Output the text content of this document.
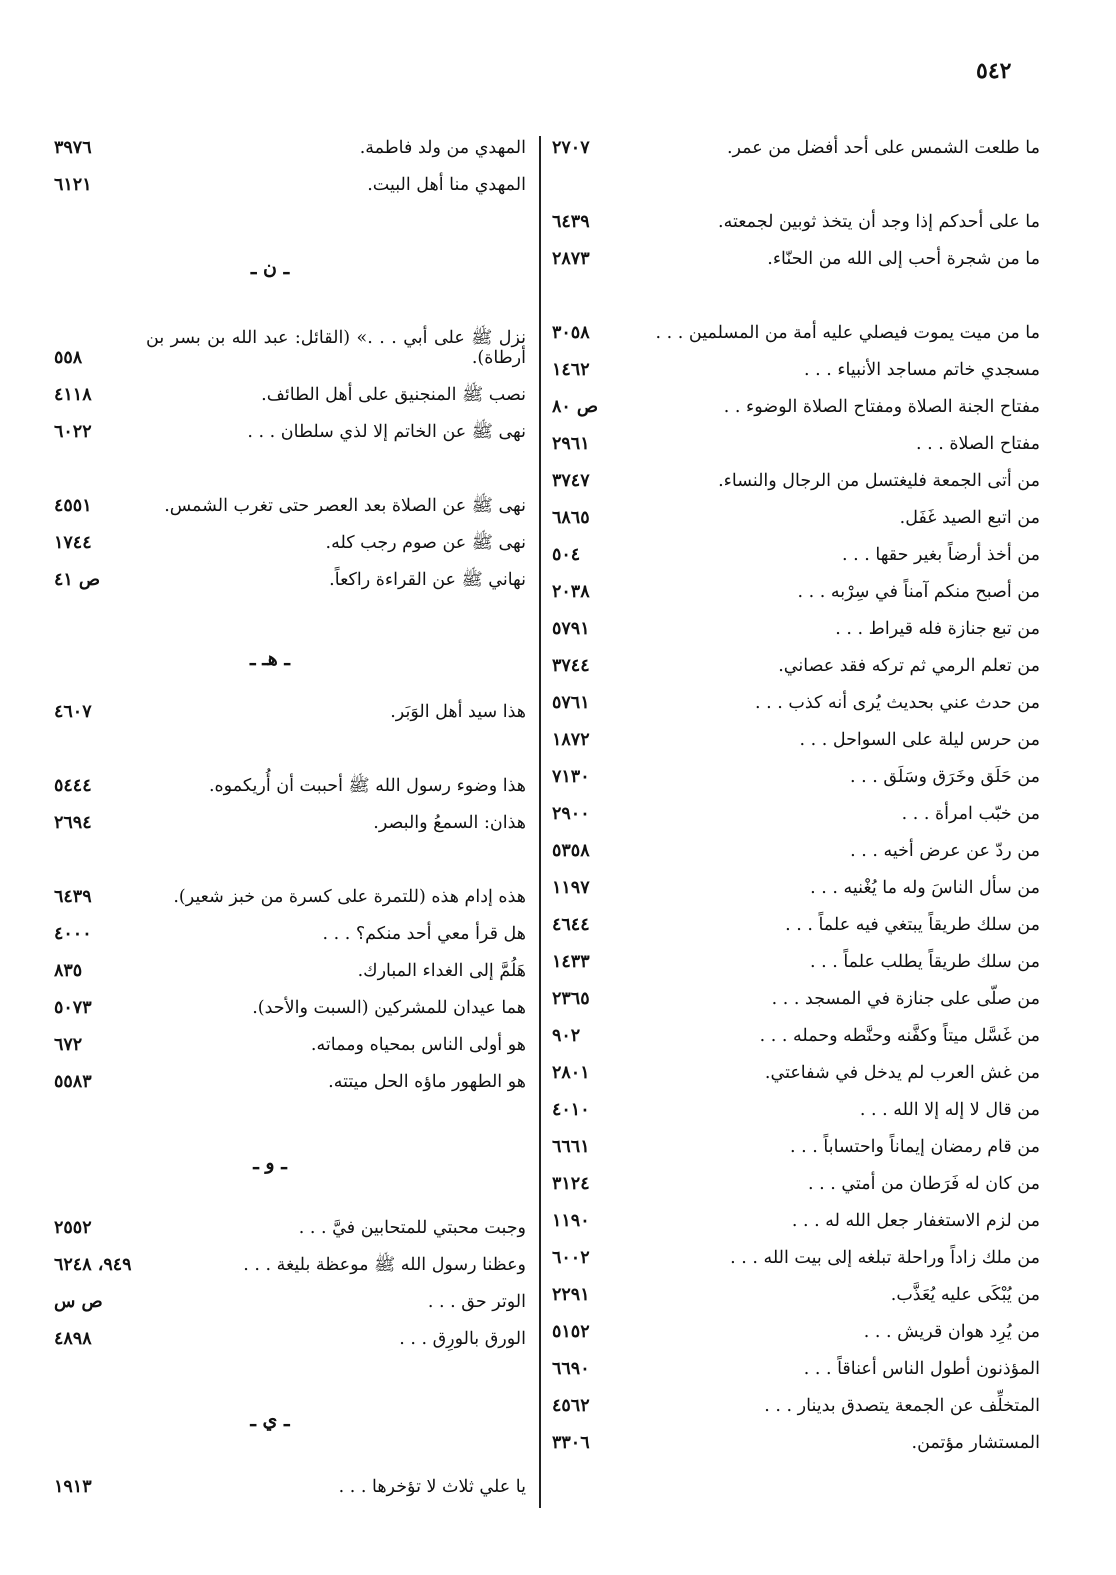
٥٤٢
ما طلعت الشمس على أحد أفضل من عمر.
٢٧٠٧
ما على أحدكم إذا وجد أن يتخذ ثوبين لجمعته.
٦٤٣٩
ما من شجرة أحب إلى الله من الحنّاء.
٢٨٧٣
ما من ميت يموت فيصلي عليه أمة من المسلمين . . .
٣٠٥٨
مسجدي خاتم مساجد الأنبياء . . .
١٤٦٢
مفتاح الجنة الصلاة ومفتاح الصلاة الوضوء . .
ص ٨٠
مفتاح الصلاة . . .
٢٩٦١
من أتى الجمعة فليغتسل من الرجال والنساء.
٣٧٤٧
من اتبع الصيد غَفَل.
٦٨٦٥
من أخذ أرضاً بغير حقها . . .
٥٠٤
من أصبح منكم آمناً في سِرْبه . . .
٢٠٣٨
من تبع جنازة فله قيراط . . .
٥٧٩١
من تعلم الرمي ثم تركه فقد عصاني.
٣٧٤٤
من حدث عني بحديث يُرى أنه كذب . . .
٥٧٦١
من حرس ليلة على السواحل . . .
١٨٧٢
من حَلَق وخَرَق وسَلَق . . .
٧١٣٠
من خبّب امرأة . . .
٢٩٠٠
من ردّ عن عرض أخيه . . .
٥٣٥٨
من سأل الناسَ وله ما يُغْنيه . . .
١١٩٧
من سلك طريقاً يبتغي فيه علماً . . .
٤٦٤٤
من سلك طريقاً يطلب علماً . . .
١٤٣٣
من صلّى على جنازة في المسجد . . .
٢٣٦٥
من غَسَّل ميتاً وكفَّنه وحنَّطه وحمله . . .
٩٠٢
من غش العرب لم يدخل في شفاعتي.
٢٨٠١
من قال لا إله إلا الله . . .
٤٠١٠
من قام رمضان إيماناً واحتساباً . . .
٦٦٦١
من كان له فَرَطان من أمتي . . .
٣١٢٤
من لزم الاستغفار جعل الله له . . .
١١٩٠
من ملك زاداً وراحلة تبلغه إلى بيت الله . . .
٦٠٠٢
من يُبْكَى عليه يُعَذَّب.
٢٢٩١
من يُرِد هوان قريش . . .
٥١٥٢
المؤذنون أطول الناس أعناقاً . . .
٦٦٩٠
المتخلِّف عن الجمعة يتصدق بدينار . . .
٤٥٦٢
المستشار مؤتمن.
٣٣٠٦
المهدي من ولد فاطمة.
٣٩٧٦
المهدي منا أهل البيت.
٦١٢١
ـ ن ـ
نزل ﷺ على أبي . . .» (القائل: عبد الله بن بسر بن أرطاة).
٥٥٨
نصب ﷺ المنجنيق على أهل الطائف.
٤١١٨
نهى ﷺ عن الخاتم إلا لذي سلطان . . .
٦٠٢٢
نهى ﷺ عن الصلاة بعد العصر حتى تغرب الشمس.
٤٥٥١
نهى ﷺ عن صوم رجب كله.
١٧٤٤
نهاني ﷺ عن القراءة راكعاً.
ص ٤١
ـ هـ ـ
هذا سيد أهل الوَبَر.
٤٦٠٧
هذا وضوء رسول الله ﷺ أحببت أن أُريكموه.
٥٤٤٤
هذان: السمعُ والبصر.
٢٦٩٤
هذه إدام هذه (للتمرة على كسرة من خبز شعير).
٦٤٣٩
هل قرأ معي أحد منكم؟ . . .
٤٠٠٠
هَلُمَّ إلى الغداء المبارك.
٨٣٥
هما عيدان للمشركين (السبت والأحد).
٥٠٧٣
هو أولى الناس بمحياه ومماته.
٦٧٢
هو الطهور ماؤه الحل ميتته.
٥٥٨٣
ـ و ـ
وجبت محبتي للمتحابين فيَّ . . .
٢٥٥٢
وعظنا رسول الله ﷺ موعظة بليغة . . .
٩٤٩، ٦٢٤٨
الوتر حق . . .
ص س
الورق بالورِق . . .
٤٨٩٨
ـ ي ـ
يا علي ثلاث لا تؤخرها . . .
١٩١٣
